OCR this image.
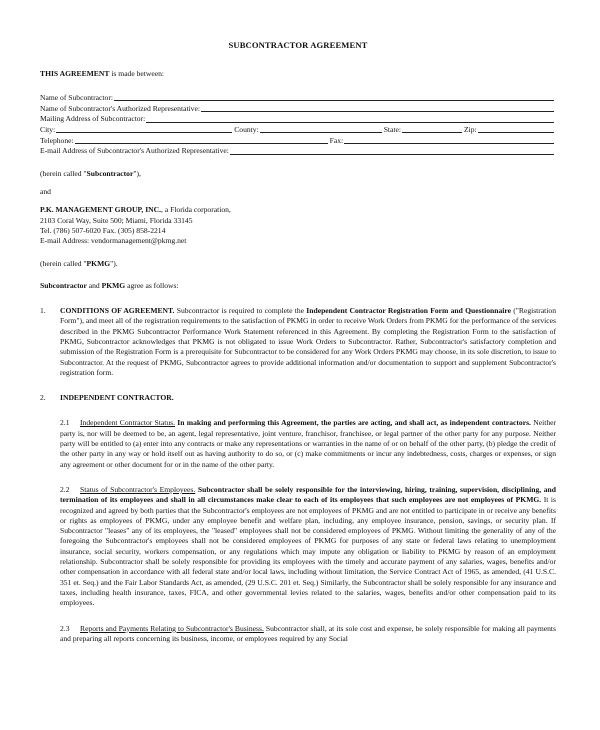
SUBCONTRACTOR AGREEMENT

THIS AGREEMENT is made between:

Name of Subcontractor:
Name of Subcontractor's Authorized Representative:
Mailing Address of Subcontractor:
City:	County:	State:	Zip:
Telephone:	Fax:
E-mail Address of Subcontractor's Authorized Representative:

(herein called "Subcontractor"),

and

P.K. MANAGEMENT GROUP, INC., a Florida corporation,

2103 Coral Way, Suite 500; Miami, Florida 33145

Tel. (786) 507-6020 Fax. (305) 858-2214

E-mail Address: vendormanagement@pkmg.net

(herein called "PKMG").

Subcontractor and PKMG agree as follows:

1.	CONDITIONS OF AGREEMENT. Subcontractor is required to complete the Independent Contractor Registration Form and Questionnaire ("Registration Form"), and meet all of the registration requirements to the satisfaction of PKMG in order to receive Work Orders from PKMG for the performance of the services described in the PKMG Subcontractor Performance Work Statement referenced in this Agreement. By completing the Registration Form to the satisfaction of PKMG, Subcontractor acknowledges that PKMG is not obligated to issue Work Orders to Subcontractor. Rather, Subcontractor's satisfactory completion and submission of the Registration Form is a prerequisite for Subcontractor to be considered for any Work Orders PKMG may choose, in its sole discretion, to issue to Subcontractor. At the request of PKMG, Subcontractor agrees to provide additional information and/or documentation to support and supplement Subcontractor's registration form.
2.	INDEPENDENT CONTRACTOR.

2.1 Independent Contractor Status. In making and performing this Agreement, the parties are acting, and shall act, as independent contractors. Neither party is, nor will be deemed to be, an agent, legal representative, joint venture, franchisor, franchisee, or legal partner of the other party for any purpose. Neither party will be entitled to (a) enter into any contracts or make any representations or warranties in the name of or on behalf of the other party, (b) pledge the credit of the other party in any way or hold itself out as having authority to do so, or (c) make commitments or incur any indebtedness, costs, charges or expenses, or sign any agreement or other document for or in the name of the other party.

2.2 Status of Subcontractor's Employees. Subcontractor shall be solely responsible for the interviewing, hiring, training, supervision, disciplining, and termination of its employees and shall in all circumstances make clear to each of its employees that such employees are not employees of PKMG. It is recognized and agreed by both parties that the Subcontractor's employees are not employees of PKMG and are not entitled to participate in or receive any benefits or rights as employees of PKMG, under any employee benefit and welfare plan, including, any employee insurance, pension, savings, or security plan. If Subcontractor "leases" any of its employees, the "leased" employees shall not be considered employees of PKMG. Without limiting the generality of any of the foregoing the Subcontractor's employees shall not be considered employees of PKMG for purposes of any state or federal laws relating to unemployment insurance, social security, workers compensation, or any regulations which may impute any obligation or liability to PKMG by reason of an employment relationship. Subcontractor shall be solely responsible for providing its employees with the timely and accurate payment of any salaries, wages, benefits and/or other compensation in accordance with all federal state and/or local laws, including without limitation, the Service Contract Act of 1965, as amended, (41 U.S.C. 351 et. Seq.) and the Fair Labor Standards Act, as amended, (29 U.S.C. 201 et. Seq.) Similarly, the Subcontractor shall be solely responsible for any insurance and taxes, including health insurance, taxes, FICA, and other governmental levies related to the salaries, wages, benefits and/or other compensation paid to its employees.

2.3 Reports and Payments Relating to Subcontractor's Business. Subcontractor shall, at its sole cost and expense, be solely responsible for making all payments and preparing all reports concerning its business, income, or employees required by any Social
